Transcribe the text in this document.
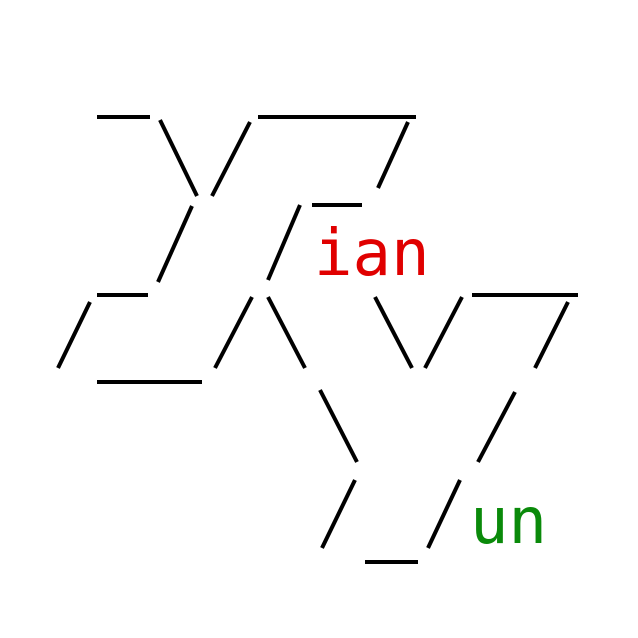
ian
un
